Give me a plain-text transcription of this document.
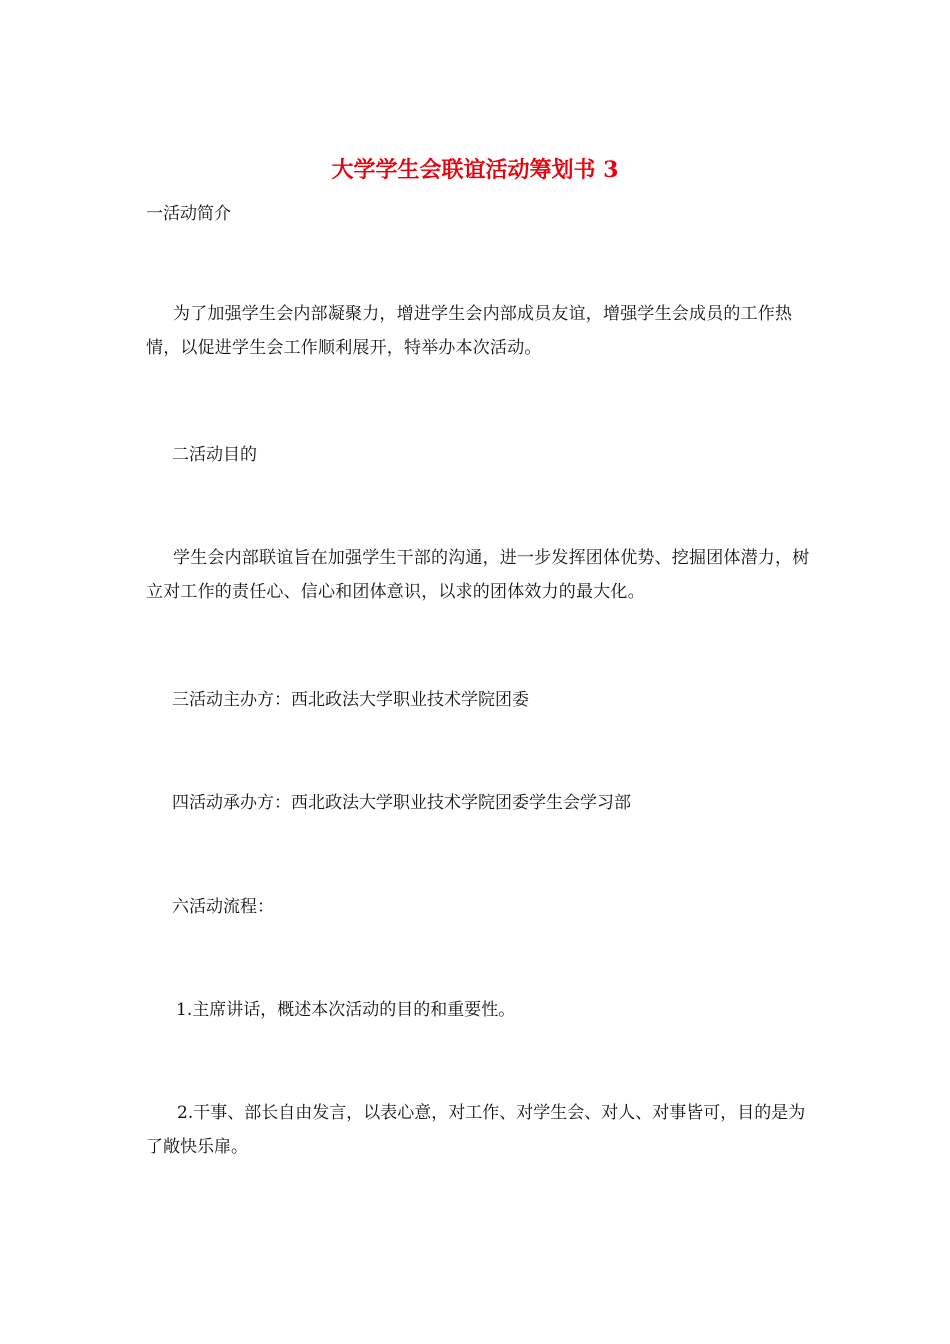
大学学生会联谊活动筹划书 3

一活动简介

为了加强学生会内部凝聚力，增进学生会内部成员友谊，增强学生会成员的工作热情，以促进学生会工作顺利展开，特举办本次活动。

二活动目的

学生会内部联谊旨在加强学生干部的沟通，进一步发挥团体优势、挖掘团体潜力，树立对工作的责任心、信心和团体意识，以求的团体效力的最大化。

三活动主办方：西北政法大学职业技术学院团委

四活动承办方：西北政法大学职业技术学院团委学生会学习部

六活动流程：

1.主席讲话，概述本次活动的目的和重要性。

2.干事、部长自由发言，以表心意，对工作、对学生会、对人、对事皆可，目的是为了敞快乐扉。
